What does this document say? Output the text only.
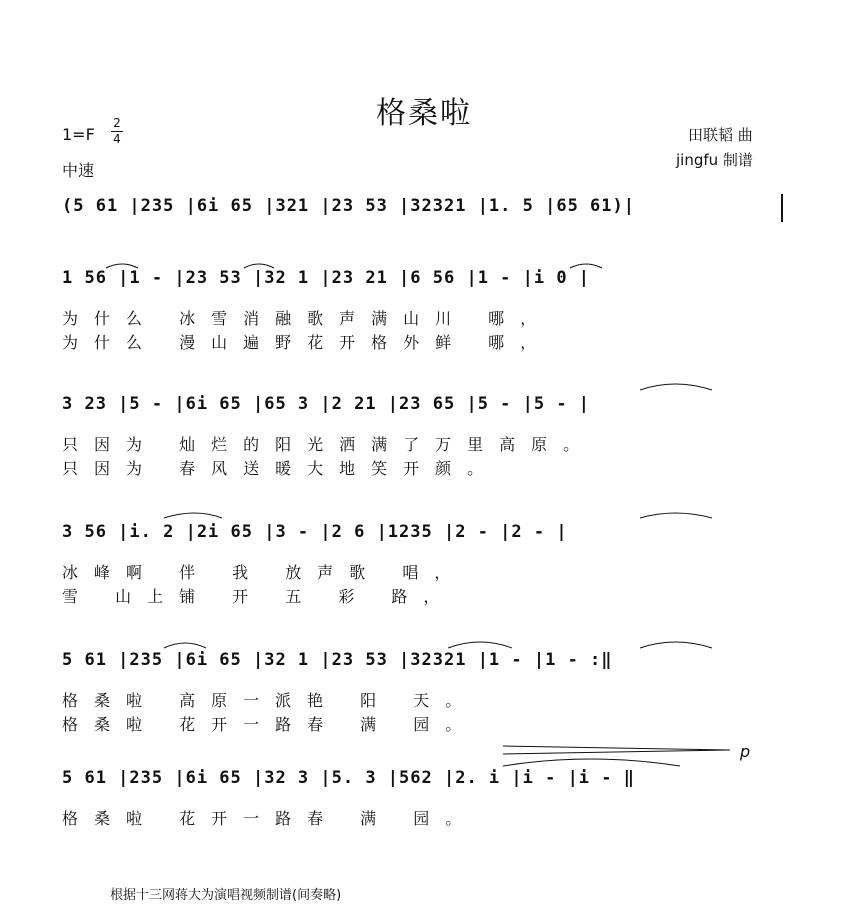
格桑啦
$1=F \frac{2}{4}$
中速
田联韬 曲
jingfu 制谱
(5 61 |235 |6i 65 |321 |23 53 |32321 |1. 5 |65 61)|
1 56 |1 - |23 53 |32 1 |23 21 |6 56 |1 - |i 0 |
为什么 冰雪消融歌声满山川 哪，
为什么 漫山遍野花开格外鲜 哪，
3 23 |5 - |6i 65 |65 3 |2 21 |23 65 |5 - |5 - |
只因为 灿烂的阳光洒满了万里高原。
只因为 春风送暖大地笑开颜。
3 56 |i. 2 |2i 65 |3 - |2 6 |1235 |2 - |2 - |
冰峰啊 伴 我 放声歌 唱，
雪 山上铺 开 五 彩 路，
5 61 |235 |6i 65 |32 1 |23 53 |32321 |1 - |1 - :‖
格桑啦 高原一派艳 阳 天。
格桑啦 花开一路春 满 园。
p
5 61 |235 |6i 65 |32 3 |5. 3 |562 |2. i |i - |i - ‖
格桑啦 花开一路春 满 园。
根据十三网蒋大为演唱视频制谱(间奏略)
